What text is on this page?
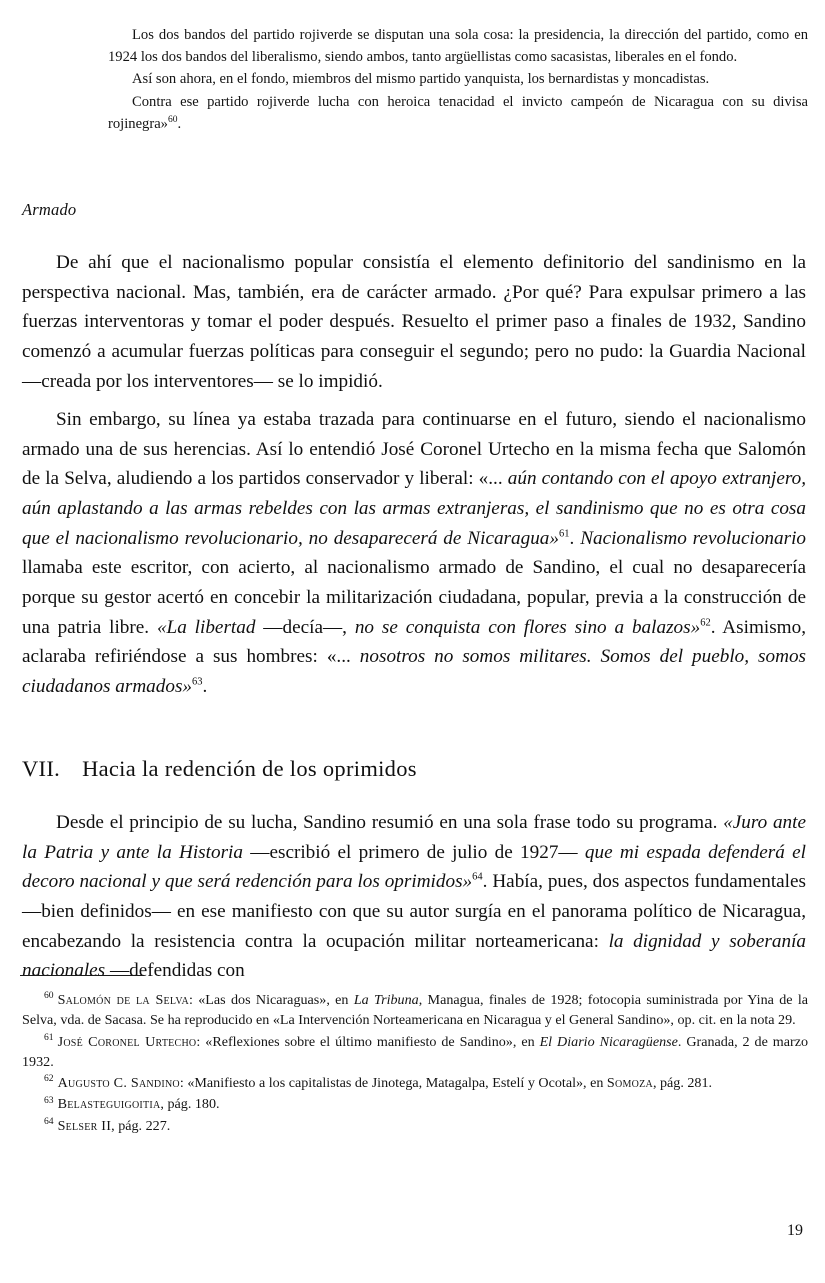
Los dos bandos del partido rojiverde se disputan una sola cosa: la presidencia, la dirección del partido, como en 1924 los dos bandos del liberalismo, siendo ambos, tanto argüellistas como sacasistas, liberales en el fondo.

Así son ahora, en el fondo, miembros del mismo partido yanquista, los bernardistas y moncadistas.

Contra ese partido rojiverde lucha con heroica tenacidad el invicto campeón de Nicaragua con su divisa rojinegra»$^{60}$.

Armado

De ahí que el nacionalismo popular consistía el elemento definitorio del sandinismo en la perspectiva nacional. Mas, también, era de carácter armado. ¿Por qué? Para expulsar primero a las fuerzas interventoras y tomar el poder después. Resuelto el primer paso a finales de 1932, Sandino comenzó a acumular fuerzas políticas para conseguir el segundo; pero no pudo: la Guardia Nacional —creada por los interventores— se lo impidió.

Sin embargo, su línea ya estaba trazada para continuarse en el futuro, siendo el nacionalismo armado una de sus herencias. Así lo entendió José Coronel Urtecho en la misma fecha que Salomón de la Selva, aludiendo a los partidos conservador y liberal: «... aún contando con el apoyo extranjero, aún aplastando a las armas rebeldes con las armas extranjeras, el sandinismo que no es otra cosa que el nacionalismo revolucionario, no desaparecerá de Nicaragua»$^{61}$. Nacionalismo revolucionario llamaba este escritor, con acierto, al nacionalismo armado de Sandino, el cual no desaparecería porque su gestor acertó en concebir la militarización ciudadana, popular, previa a la construcción de una patria libre. «La libertad —decía—, no se conquista con flores sino a balazos»$^{62}$. Asimismo, aclaraba refiriéndose a sus hombres: «... nosotros no somos militares. Somos del pueblo, somos ciudadanos armados»$^{63}$.

VII. Hacia la redención de los oprimidos

Desde el principio de su lucha, Sandino resumió en una sola frase todo su programa. «Juro ante la Patria y ante la Historia —escribió el primero de julio de 1927— que mi espada defenderá el decoro nacional y que será redención para los oprimidos»$^{64}$. Había, pues, dos aspectos fundamentales —bien definidos— en ese manifiesto con que su autor surgía en el panorama político de Nicaragua, encabezando la resistencia contra la ocupación militar norteamericana: la dignidad y soberanía nacionales —defendidas con

$^{60}$ Salomón de la Selva: «Las dos Nicaraguas», en La Tribuna, Managua, finales de 1928; fotocopia suministrada por Yina de la Selva, vda. de Sacasa. Se ha reproducido en «La Intervención Norteamericana en Nicaragua y el General Sandino», op. cit. en la nota 29.

$^{61}$ José Coronel Urtecho: «Reflexiones sobre el último manifiesto de Sandino», en El Diario Nicaragüense. Granada, 2 de marzo 1932.

$^{62}$ Augusto C. Sandino: «Manifiesto a los capitalistas de Jinotega, Matagalpa, Estelí y Ocotal», en Somoza, pág. 281.

$^{63}$ Belasteguigoitia, pág. 180.

$^{64}$ Selser II, pág. 227.

19
